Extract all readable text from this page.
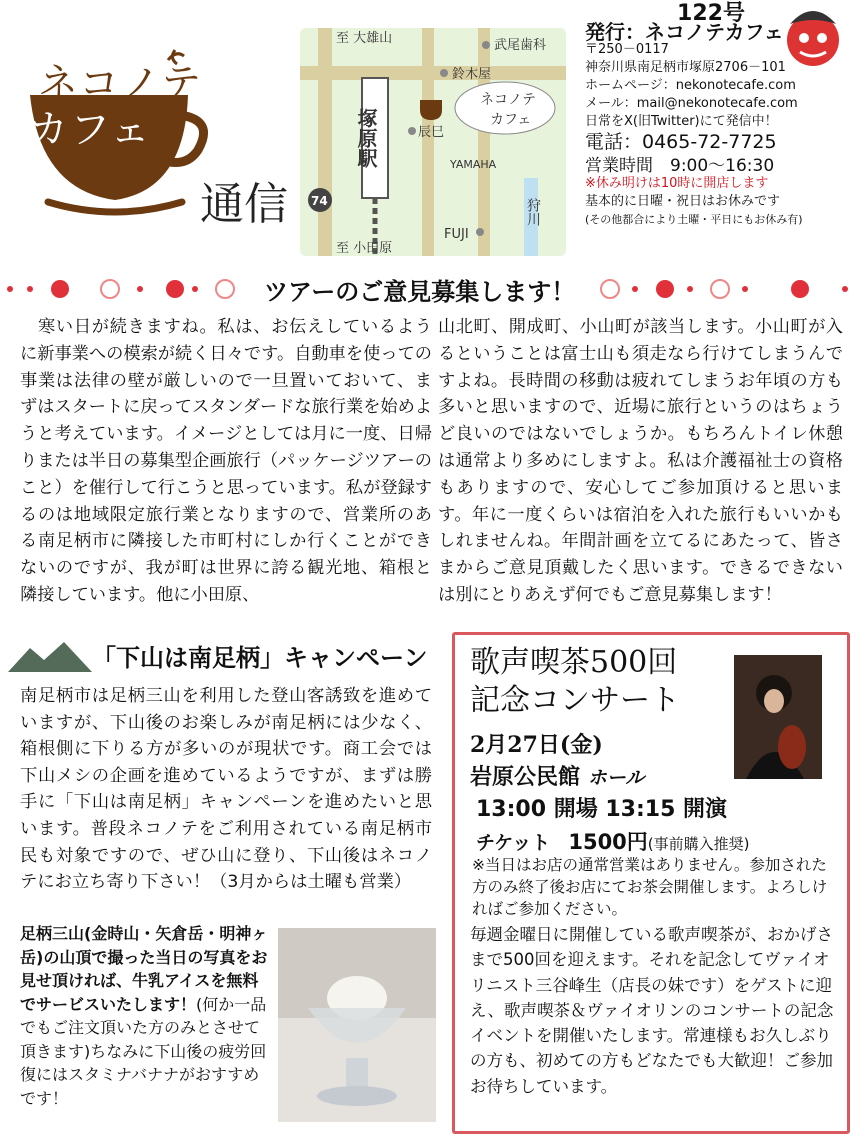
ネコノテ
カフェ
通信
至 大雄山
至 小田原
塚原駅
74
武尾歯科
鈴木屋
辰巳
YAMAHA
FUJI
狩川
ネコノテ
カフェ
122号
発行：ネコノテカフェ
〒250－0117
神奈川県南足柄市塚原2706－101
ホームページ：nekonotecafe.com
メール：mail@nekonotecafe.com
日常をX(旧Twitter)にて発信中！
電話：0465-72-7725
営業時間　9:00～16:30
※休み明けは10時に開店します
基本的に日曜・祝日はお休みです
(その他都合により土曜・平日にもお休み有)
ツアーのご意見募集します！
　寒い日が続きますね。私は、お伝えしているように新事業への模索が続く日々です。自動車を使っての事業は法律の壁が厳しいので一旦置いておいて、まずはスタートに戻ってスタンダードな旅行業を始めようと考えています。イメージとしては月に一度、日帰りまたは半日の募集型企画旅行（パッケージツアーのこと）を催行して行こうと思っています。私が登録するのは地域限定旅行業となりますので、営業所のある南足柄市に隣接した市町村にしか行くことができないのですが、我が町は世界に誇る観光地、箱根と隣接しています。他に小田原、
山北町、開成町、小山町が該当します。小山町が入るということは富士山も須走なら行けてしまうんですよね。長時間の移動は疲れてしまうお年頃の方も多いと思いますので、近場に旅行というのはちょうど良いのではないでしょうか。もちろんトイレ休憩は通常より多めにしますよ。私は介護福祉士の資格もありますので、安心してご参加頂けると思います。年に一度くらいは宿泊を入れた旅行もいいかもしれませんね。年間計画を立てるにあたって、皆さまからご意見頂戴したく思います。できるできないは別にとりあえず何でもご意見募集します！
「下山は南足柄」キャンペーン
南足柄市は足柄三山を利用した登山客誘致を進めていますが、下山後のお楽しみが南足柄には少なく、箱根側に下りる方が多いのが現状です。商工会では下山メシの企画を進めているようですが、まずは勝手に「下山は南足柄」キャンペーンを進めたいと思います。普段ネコノテをご利用されている南足柄市民も対象ですので、ぜひ山に登り、下山後はネコノテにお立ち寄り下さい！（3月からは土曜も営業）
足柄三山(金時山・矢倉岳・明神ヶ岳)の山頂で撮った当日の写真をお見せ頂ければ、牛乳アイスを無料でサービスいたします！(何か一品でもご注文頂いた方のみとさせて頂きます)ちなみに下山後の疲労回復にはスタミナバナナがおすすめです！
歌声喫茶500回
記念コンサート
2月27日(金)
岩原公民館 ホール
13:00 開場 13:15 開演
チケット 1500円(事前購入推奨)
※当日はお店の通常営業はありません。参加された方のみ終了後お店にてお茶会開催します。よろしければご参加ください。
毎週金曜日に開催している歌声喫茶が、おかげさまで500回を迎えます。それを記念してヴァイオリニスト三谷峰生（店長の妹です）をゲストに迎え、歌声喫茶＆ヴァイオリンのコンサートの記念イベントを開催いたします。常連様もお久しぶりの方も、初めての方もどなたでも大歓迎！ご参加お待ちしています。
